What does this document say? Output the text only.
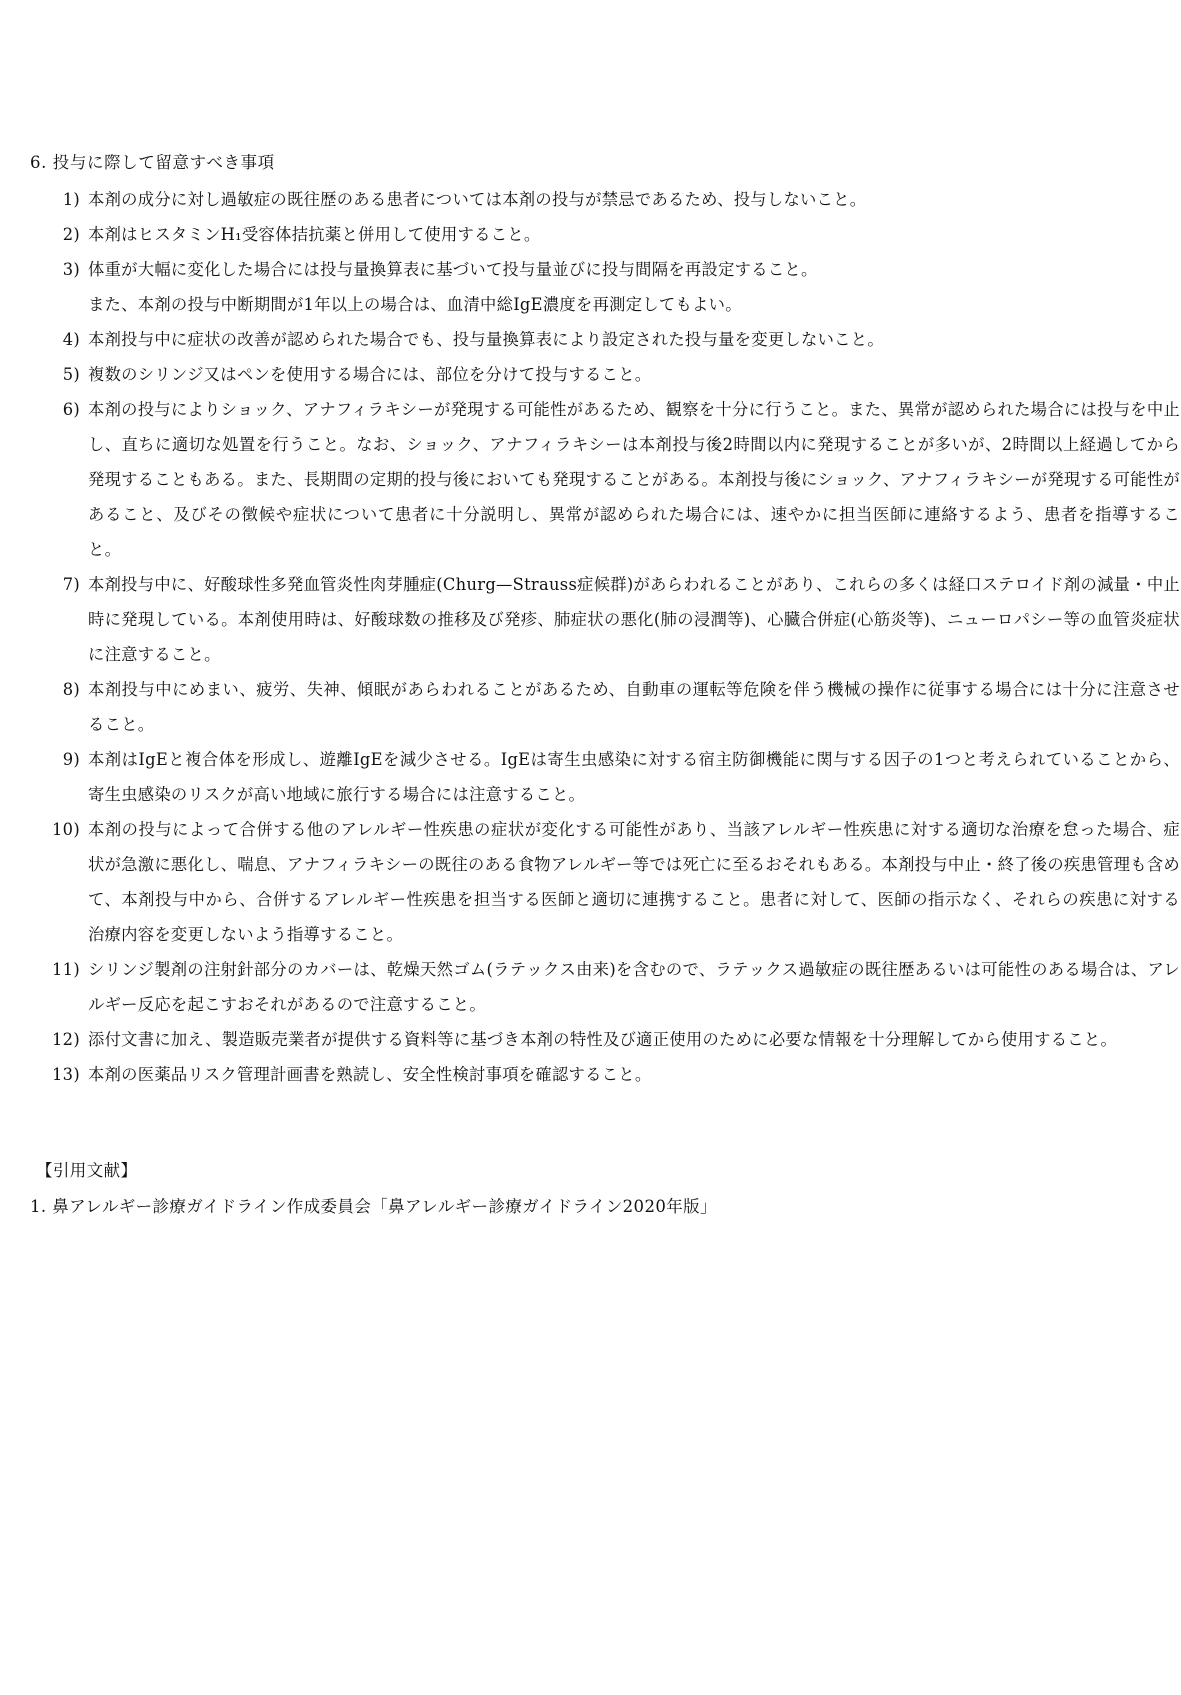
6. 投与に際して留意すべき事項
1) 本剤の成分に対し過敏症の既往歴のある患者については本剤の投与が禁忌であるため、投与しないこと。
2) 本剤はヒスタミンH₁受容体拮抗薬と併用して使用すること。
3) 体重が大幅に変化した場合には投与量換算表に基づいて投与量並びに投与間隔を再設定すること。
また、本剤の投与中断期間が1年以上の場合は、血清中総IgE濃度を再測定してもよい。
4) 本剤投与中に症状の改善が認められた場合でも、投与量換算表により設定された投与量を変更しないこと。
5) 複数のシリンジ又はペンを使用する場合には、部位を分けて投与すること。
6) 本剤の投与によりショック、アナフィラキシーが発現する可能性があるため、観察を十分に行うこと。また、異常が認められた場合には投与を中止し、直ちに適切な処置を行うこと。なお、ショック、アナフィラキシーは本剤投与後2時間以内に発現することが多いが、2時間以上経過してから発現することもある。また、長期間の定期的投与後においても発現することがある。本剤投与後にショック、アナフィラキシーが発現する可能性があること、及びその徴候や症状について患者に十分説明し、異常が認められた場合には、速やかに担当医師に連絡するよう、患者を指導すること。
7) 本剤投与中に、好酸球性多発血管炎性肉芽腫症(Churg—Strauss症候群)があらわれることがあり、これらの多くは経口ステロイド剤の減量・中止時に発現している。本剤使用時は、好酸球数の推移及び発疹、肺症状の悪化(肺の浸潤等)、心臓合併症(心筋炎等)、ニューロパシー等の血管炎症状に注意すること。
8) 本剤投与中にめまい、疲労、失神、傾眠があらわれることがあるため、自動車の運転等危険を伴う機械の操作に従事する場合には十分に注意させること。
9) 本剤はIgEと複合体を形成し、遊離IgEを減少させる。IgEは寄生虫感染に対する宿主防御機能に関与する因子の1つと考えられていることから、寄生虫感染のリスクが高い地域に旅行する場合には注意すること。
10) 本剤の投与によって合併する他のアレルギー性疾患の症状が変化する可能性があり、当該アレルギー性疾患に対する適切な治療を怠った場合、症状が急激に悪化し、喘息、アナフィラキシーの既往のある食物アレルギー等では死亡に至るおそれもある。本剤投与中止・終了後の疾患管理も含めて、本剤投与中から、合併するアレルギー性疾患を担当する医師と適切に連携すること。患者に対して、医師の指示なく、それらの疾患に対する治療内容を変更しないよう指導すること。
11) シリンジ製剤の注射針部分のカバーは、乾燥天然ゴム(ラテックス由来)を含むので、ラテックス過敏症の既往歴あるいは可能性のある場合は、アレルギー反応を起こすおそれがあるので注意すること。
12) 添付文書に加え、製造販売業者が提供する資料等に基づき本剤の特性及び適正使用のために必要な情報を十分理解してから使用すること。
13) 本剤の医薬品リスク管理計画書を熟読し、安全性検討事項を確認すること。
【引用文献】
1. 鼻アレルギー診療ガイドライン作成委員会「鼻アレルギー診療ガイドライン2020年版」
